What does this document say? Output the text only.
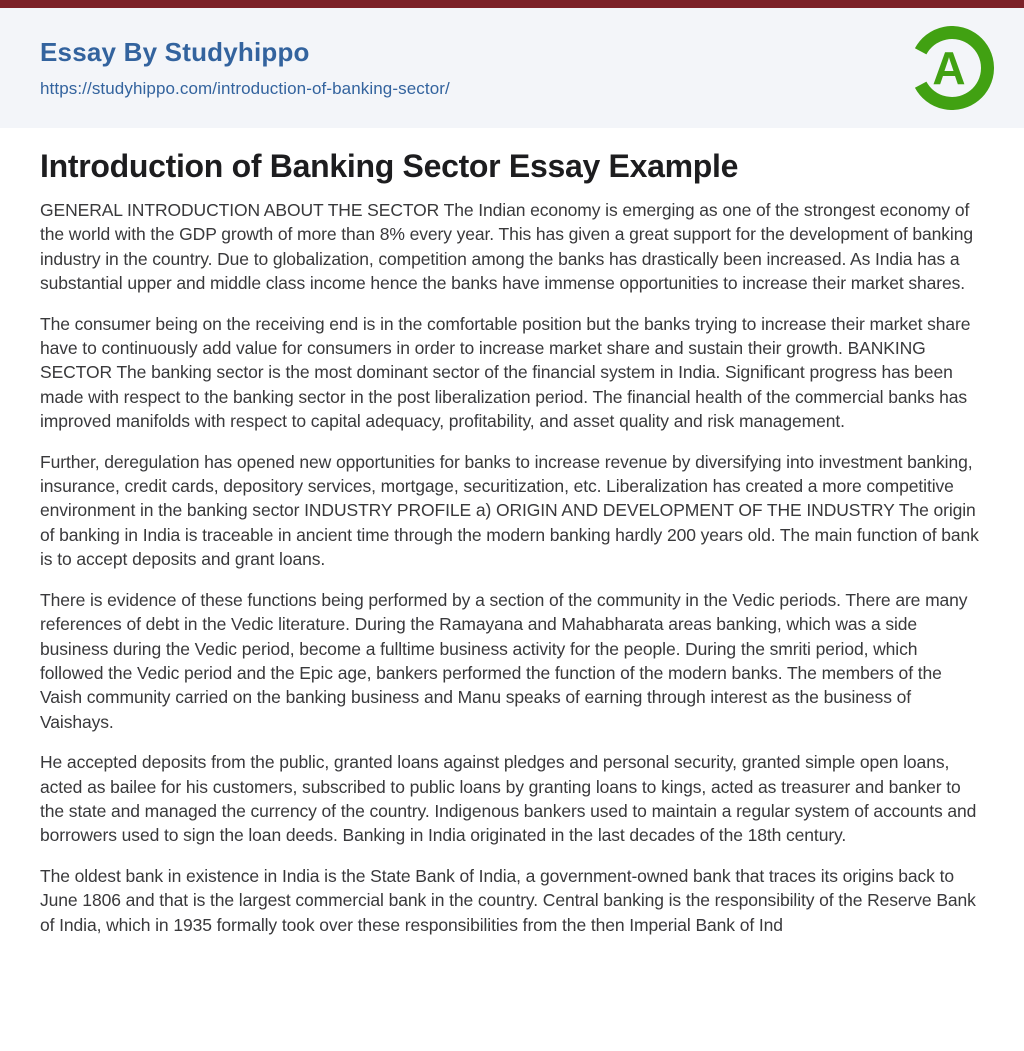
Essay By Studyhippo
https://studyhippo.com/introduction-of-banking-sector/	A
Introduction of Banking Sector Essay Example

GENERAL INTRODUCTION ABOUT THE SECTOR The Indian economy is emerging as one of the strongest economy of the world with the GDP growth of more than 8% every year. This has given a great support for the development of banking industry in the country. Due to globalization, competition among the banks has drastically been increased. As India has a substantial upper and middle class income hence the banks have immense opportunities to increase their market shares.

The consumer being on the receiving end is in the comfortable position but the banks trying to increase their market share have to continuously add value for consumers in order to increase market share and sustain their growth. BANKING SECTOR The banking sector is the most dominant sector of the financial system in India. Significant progress has been made with respect to the banking sector in the post liberalization period. The financial health of the commercial banks has improved manifolds with respect to capital adequacy, profitability, and asset quality and risk management.

Further, deregulation has opened new opportunities for banks to increase revenue by diversifying into investment banking, insurance, credit cards, depository services, mortgage, securitization, etc. Liberalization has created a more competitive environment in the banking sector INDUSTRY PROFILE a) ORIGIN AND DEVELOPMENT OF THE INDUSTRY The origin of banking in India is traceable in ancient time through the modern banking hardly 200 years old. The main function of bank is to accept deposits and grant loans.

There is evidence of these functions being performed by a section of the community in the Vedic periods. There are many references of debt in the Vedic literature. During the Ramayana and Mahabharata areas banking, which was a side business during the Vedic period, become a fulltime business activity for the people. During the smriti period, which followed the Vedic period and the Epic age, bankers performed the function of the modern banks. The members of the Vaish community carried on the banking business and Manu speaks of earning through interest as the business of Vaishays.

He accepted deposits from the public, granted loans against pledges and personal security, granted simple open loans, acted as bailee for his customers, subscribed to public loans by granting loans to kings, acted as treasurer and banker to the state and managed the currency of the country. Indigenous bankers used to maintain a regular system of accounts and borrowers used to sign the loan deeds. Banking in India originated in the last decades of the 18th century.

The oldest bank in existence in India is the State Bank of India, a government-owned bank that traces its origins back to June 1806 and that is the largest commercial bank in the country. Central banking is the responsibility of the Reserve Bank of India, which in 1935 formally took over these responsibilities from the then Imperial Bank of Ind
